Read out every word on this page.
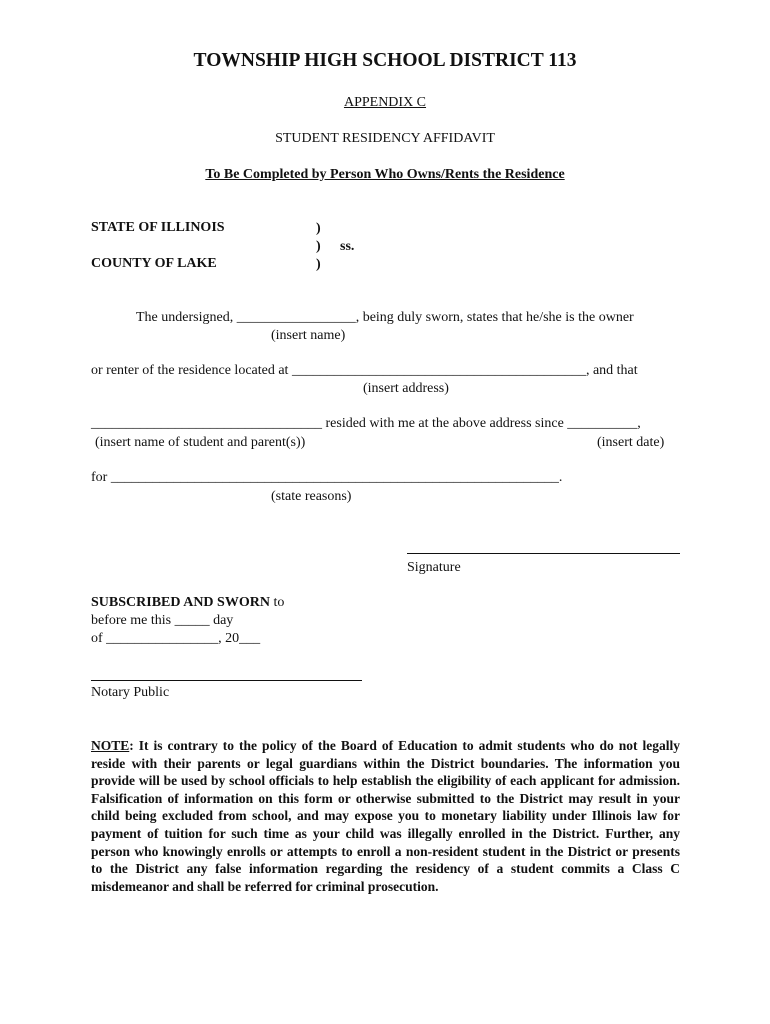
TOWNSHIP HIGH SCHOOL DISTRICT 113
APPENDIX C
STUDENT RESIDENCY AFFIDAVIT
To Be Completed by Person Who Owns/Rents the Residence
STATE OF ILLINOIS
COUNTY OF LAKE
)
)
)
ss.
The undersigned, _________________, being duly sworn, states that he/she is the owner
(insert name)
or renter of the residence located at __________________________________________, and that
(insert address)
_________________________________ resided with me at the above address since __________,
(insert name of student and parent(s))	(insert date)
for ________________________________________________________________.
(state reasons)
Signature
SUBSCRIBED AND SWORN to
before me this _____ day
of ________________, 20___
Notary Public
NOTE: It is contrary to the policy of the Board of Education to admit students who do not legally reside with their parents or legal guardians within the District boundaries. The information you provide will be used by school officials to help establish the eligibility of each applicant for admission. Falsification of information on this form or otherwise submitted to the District may result in your child being excluded from school, and may expose you to monetary liability under Illinois law for payment of tuition for such time as your child was illegally enrolled in the District. Further, any person who knowingly enrolls or attempts to enroll a non-resident student in the District or presents to the District any false information regarding the residency of a student commits a Class C misdemeanor and shall be referred for criminal prosecution.
